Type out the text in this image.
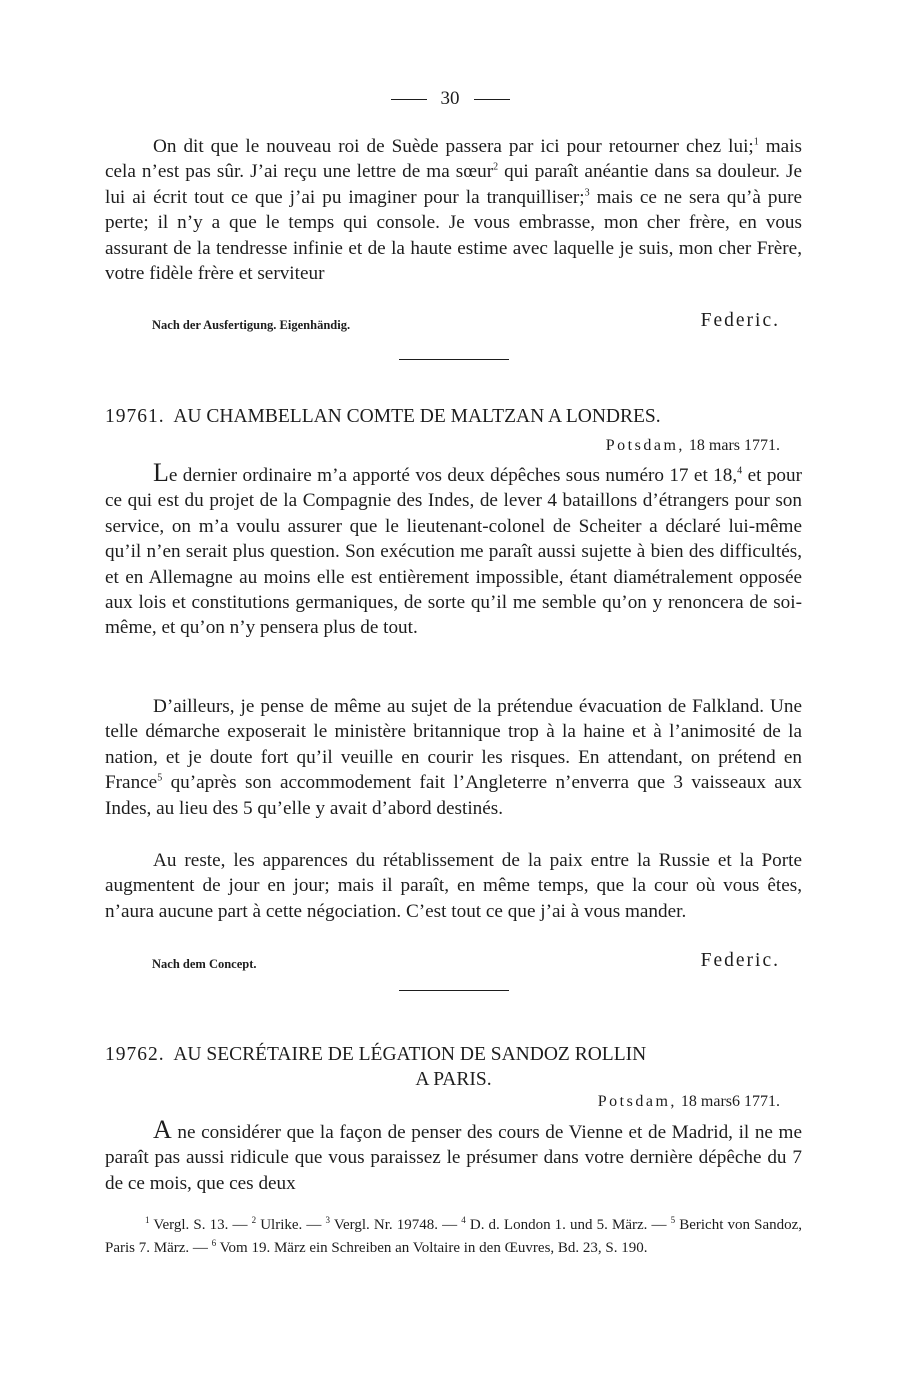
30

On dit que le nouveau roi de Suède passera par ici pour retourner chez lui;$^1$ mais cela n’est pas sûr. J’ai reçu une lettre de ma sœur$^2$ qui paraît anéantie dans sa douleur. Je lui ai écrit tout ce que j’ai pu imaginer pour la tranquilliser;$^3$ mais ce ne sera qu’à pure perte; il n’y a que le temps qui console. Je vous embrasse, mon cher frère, en vous assurant de la tendresse infinie et de la haute estime avec laquelle je suis, mon cher Frère, votre fidèle frère et serviteur

Nach der Ausfertigung. Eigenhändig.	Federic.
19761. AU CHAMBELLAN COMTE DE MALTZAN A LONDRES.
Potsdam, 18 mars 1771.

Le dernier ordinaire m’a apporté vos deux dépêches sous numéro 17 et 18,$^4$ et pour ce qui est du projet de la Compagnie des Indes, de lever 4 bataillons d’étrangers pour son service, on m’a voulu assurer que le lieutenant-colonel de Scheiter a déclaré lui-même qu’il n’en serait plus question. Son exécution me paraît aussi sujette à bien des difficultés, et en Allemagne au moins elle est entièrement impossible, étant diamétralement opposée aux lois et constitutions germaniques, de sorte qu’il me semble qu’on y renoncera de soi-même, et qu’on n’y pensera plus de tout.

D’ailleurs, je pense de même au sujet de la prétendue évacuation de Falkland. Une telle démarche exposerait le ministère britannique trop à la haine et à l’animosité de la nation, et je doute fort qu’il veuille en courir les risques. En attendant, on prétend en France$^5$ qu’après son accommodement fait l’Angleterre n’enverra que 3 vaisseaux aux Indes, au lieu des 5 qu’elle y avait d’abord destinés.

Au reste, les apparences du rétablissement de la paix entre la Russie et la Porte augmentent de jour en jour; mais il paraît, en même temps, que la cour où vous êtes, n’aura aucune part à cette négociation. C’est tout ce que j’ai à vous mander.

Nach dem Concept.	Federic.
19762. AU SECRÉTAIRE DE LÉGATION DE SANDOZ ROLLIN
A PARIS.
Potsdam, 18 mars6 1771.

A ne considérer que la façon de penser des cours de Vienne et de Madrid, il ne me paraît pas aussi ridicule que vous paraissez le présumer dans votre dernière dépêche du 7 de ce mois, que ces deux

$^1$ Vergl. S. 13. — $^2$ Ulrike. — $^3$ Vergl. Nr. 19748. — $^4$ D. d. London 1. und 5. März. — $^5$ Bericht von Sandoz, Paris 7. März. — $^6$ Vom 19. März ein Schreiben an Voltaire in den Œuvres, Bd. 23, S. 190.
